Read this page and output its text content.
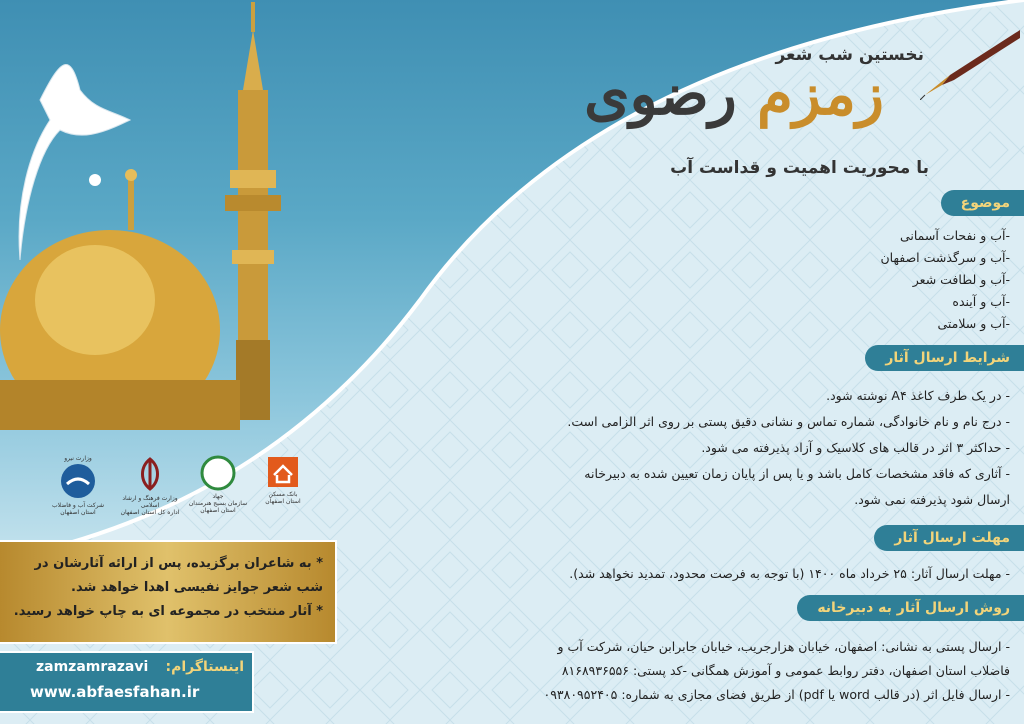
نخستین شب شعر
زمزم رضوی
با محوریت اهمیت و قداست آب
موضوع
-آب و نفحات آسمانی
-آب و سرگذشت اصفهان
-آب و لطافت شعر
-آب و آینده
-آب و سلامتی
شرایط ارسال آثار
- در یک طرف کاغذ A۴ نوشته شود.
- درج نام و نام خانوادگی، شماره تماس و نشانی دقیق پستی بر روی اثر الزامی است.
- حداکثر ۳ اثر در قالب های کلاسیک و آزاد پذیرفته می شود.
- آثاری که فاقد مشخصات کامل باشد و یا پس از پایان زمان تعیین شده به دبیرخانه
ارسال شود پذیرفته نمی شود.
مهلت ارسال آثار
- مهلت ارسال آثار: ۲۵ خرداد ماه ۱۴۰۰ (با توجه به فرصت محدود، تمدید نخواهد شد).
روش ارسال آثار به دبیرخانه
- ارسال پستی به نشانی: اصفهان، خیابان هزارجریب، خیابان جابرابن حیان، شرکت آب و
فاضلاب استان اصفهان، دفتر روابط عمومی و آموزش همگانی -کد پستی: ۸۱۶۸۹۳۶۵۵۶
- ارسال فایل اثر (در قالب word یا pdf) از طریق فضای مجازی به شماره: ۰۹۳۸۰۹۵۲۴۰۵
وزارت نیرو
شرکت آب و فاضلاب استان اصفهان
وزارت فرهنگ و ارشاد اسلامی
اداره کل استان اصفهان
جهاد
سازمان بسیج هنرمندان استان اصفهان
بانک مسکن
استان اصفهان
* به شاعران برگزیده، پس از ارائه آثارشان در
شب شعر جوایز نفیسی اهدا خواهد شد.
* آثار منتخب در مجموعه ای به چاپ خواهد رسید.
zamzamrazavi اینستاگرام:
www.abfaesfahan.ir
